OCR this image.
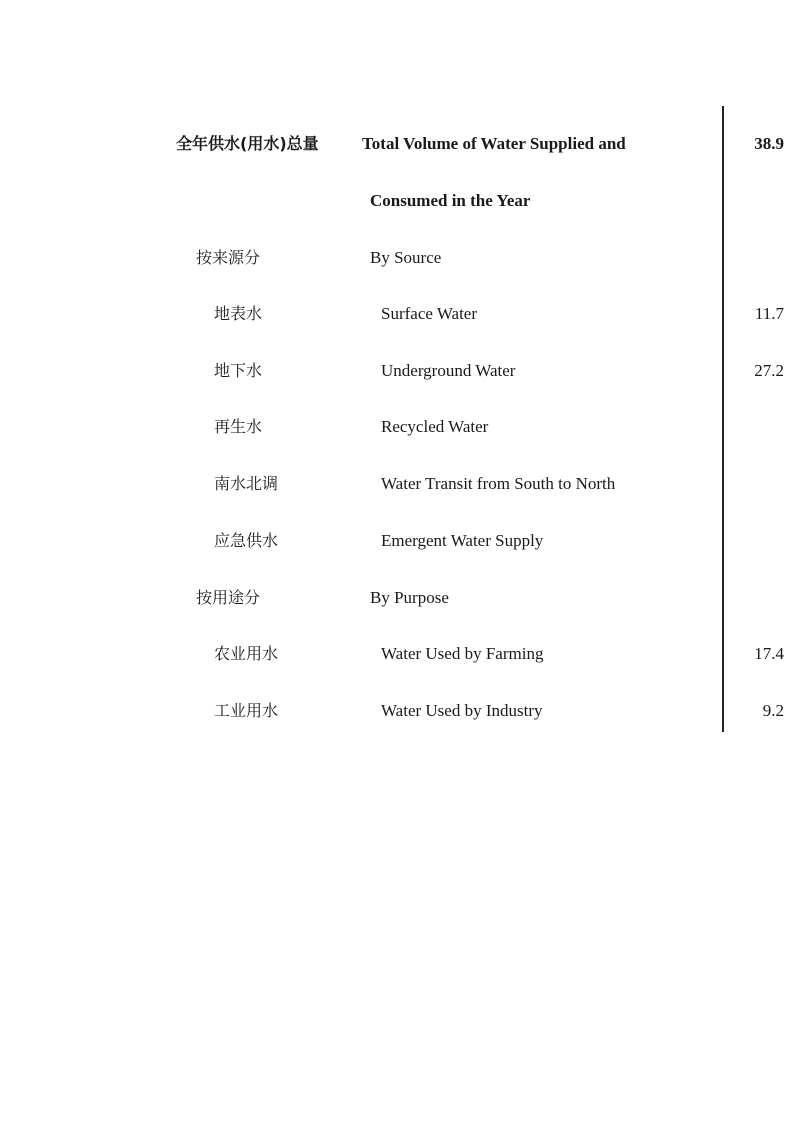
全年供水(用水)总量	Total Volume of Water Supplied and	38.9
Consumed in the Year
按来源分	By Source
地表水	Surface Water	11.7
地下水	Underground Water	27.2
再生水	Recycled Water
南水北调	Water Transit from South to North
应急供水	Emergent Water Supply
按用途分	By Purpose
农业用水	Water Used by Farming	17.4
工业用水	Water Used by Industry	9.2
